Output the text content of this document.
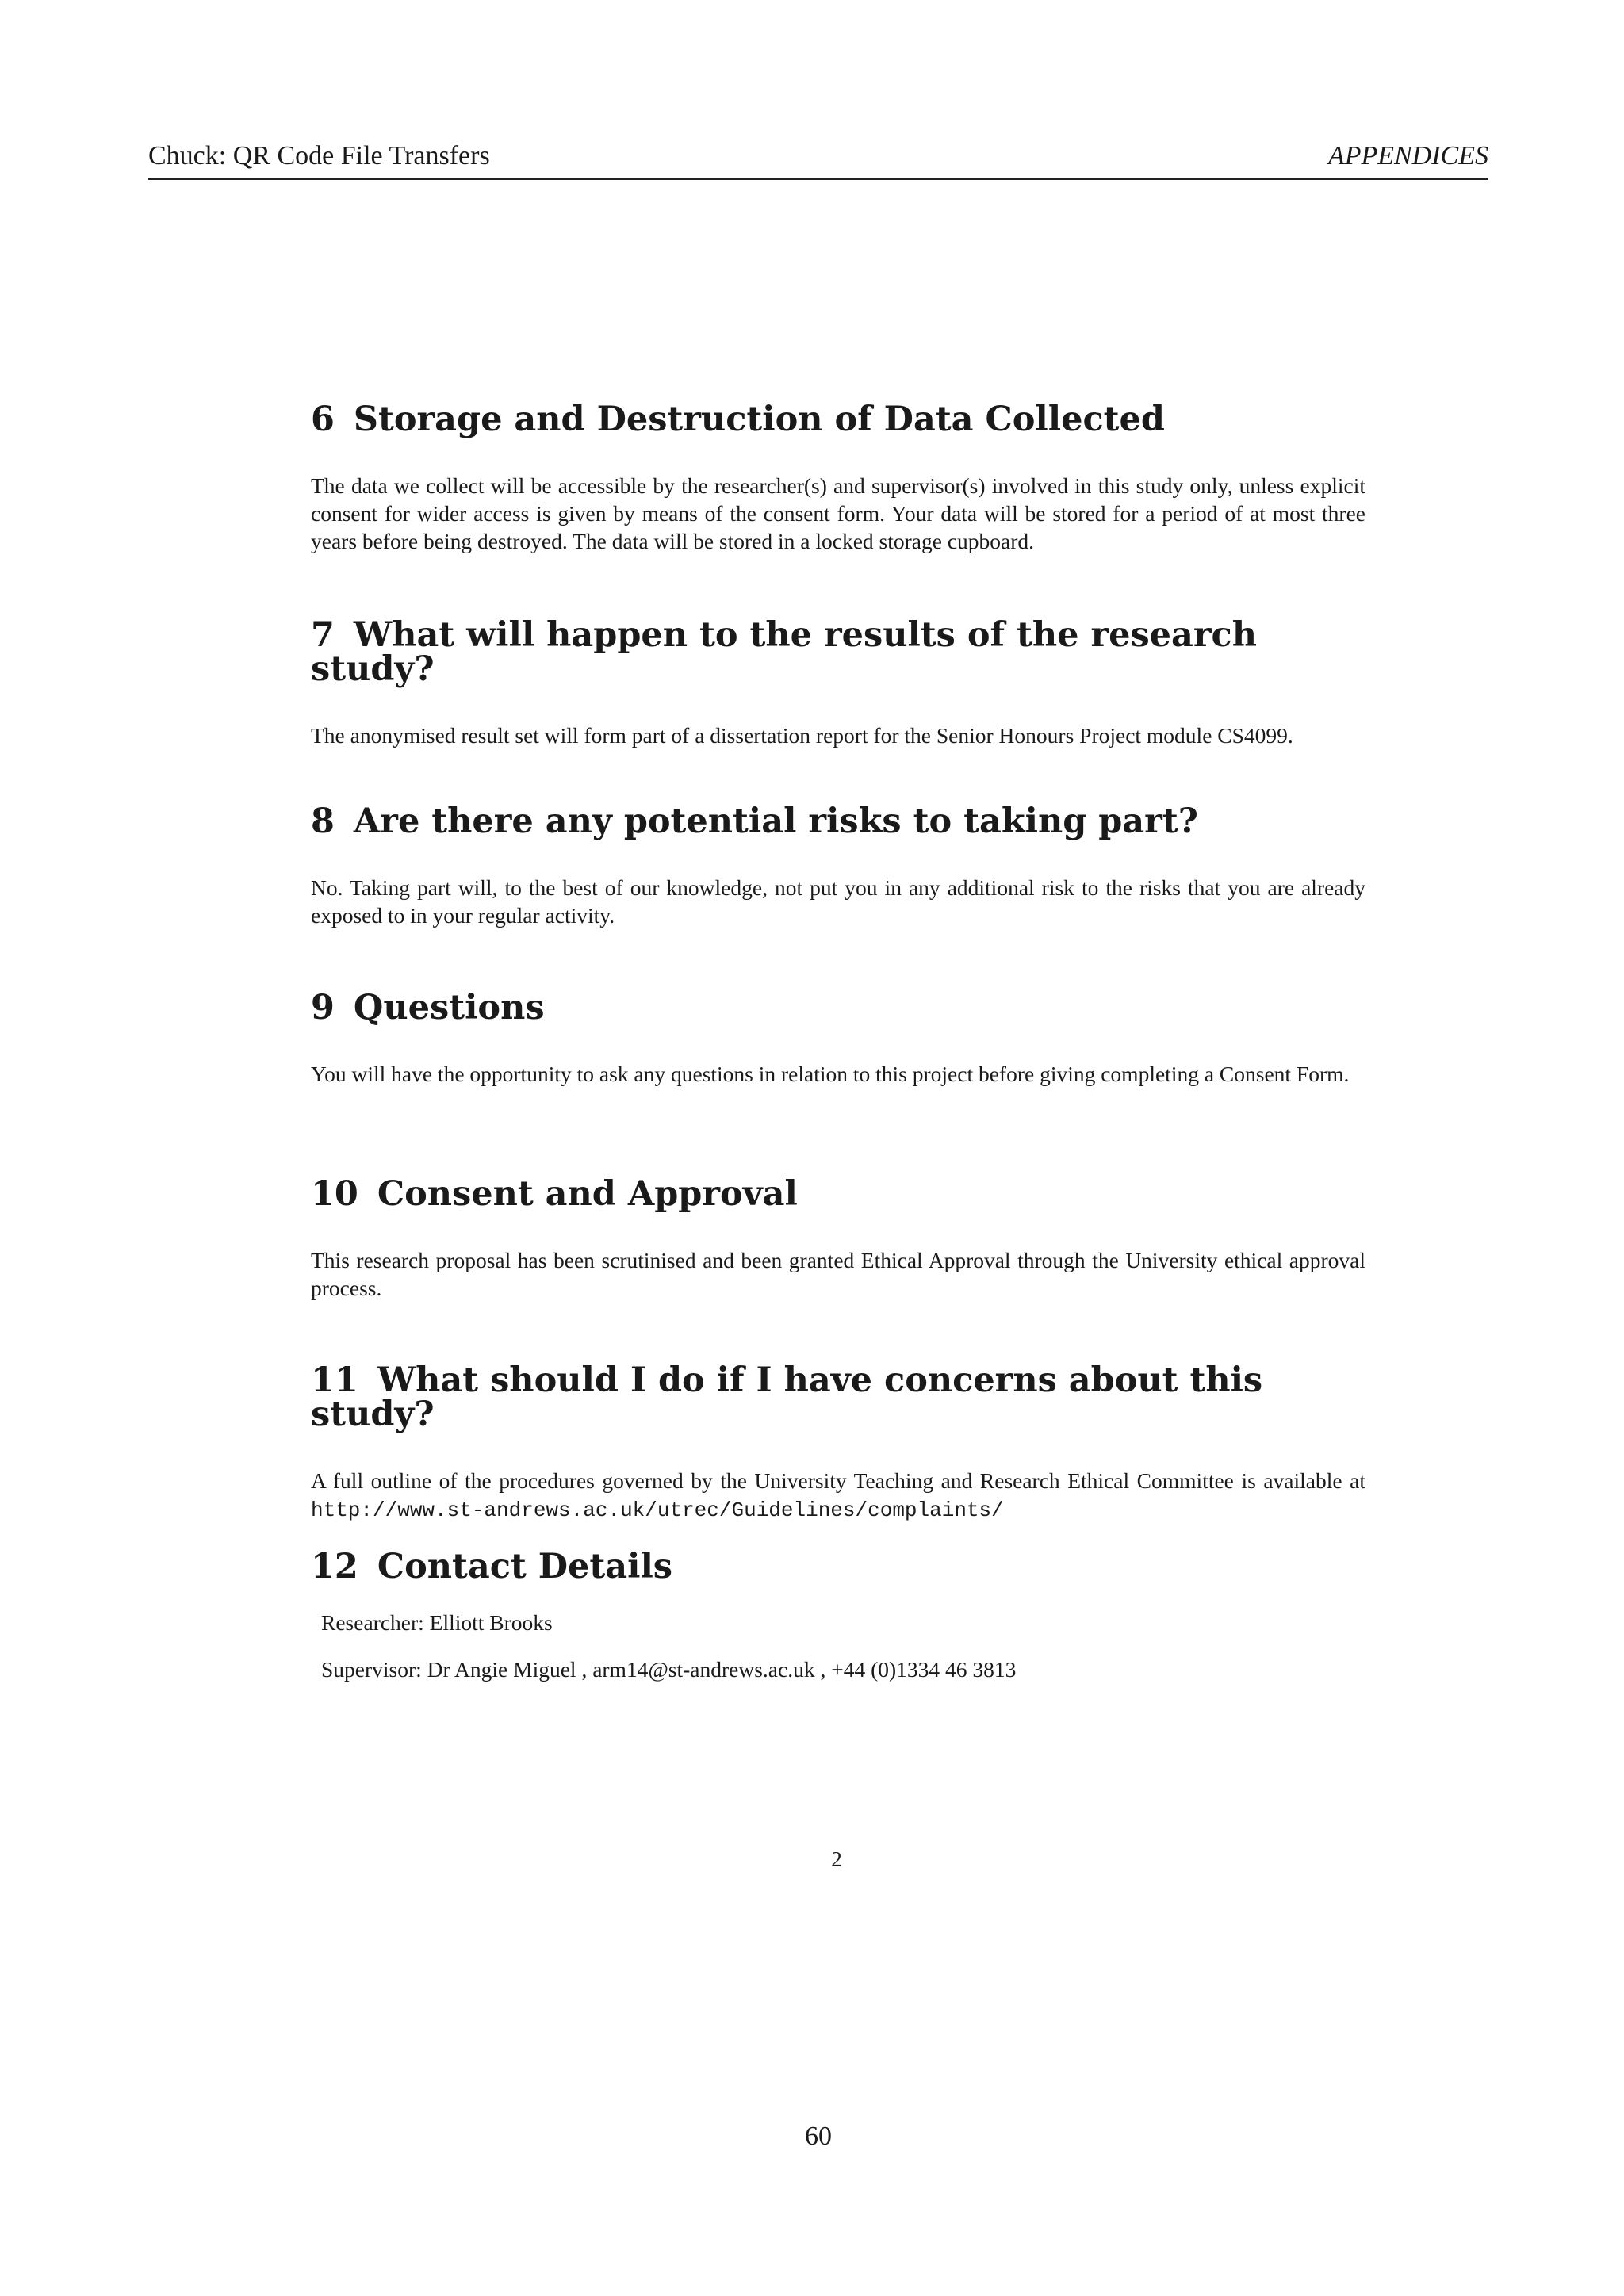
Chuck: QR Code File Transfers	APPENDICES
6 Storage and Destruction of Data Collected

The data we collect will be accessible by the researcher(s) and supervisor(s) involved in this study only, unless explicit consent for wider access is given by means of the consent form. Your data will be stored for a period of at most three years before being destroyed. The data will be stored in a locked storage cupboard.

7 What will happen to the results of the research study?

The anonymised result set will form part of a dissertation report for the Senior Honours Project module CS4099.

8 Are there any potential risks to taking part?

No. Taking part will, to the best of our knowledge, not put you in any additional risk to the risks that you are already exposed to in your regular activity.

9 Questions

You will have the opportunity to ask any questions in relation to this project before giving completing a Consent Form.

10 Consent and Approval

This research proposal has been scrutinised and been granted Ethical Approval through the University ethical approval process.

11 What should I do if I have concerns about this study?

A full outline of the procedures governed by the University Teaching and Research Ethical Committee is available at http://www.st-andrews.ac.uk/utrec/Guidelines/complaints/

12 Contact Details
Researcher: Elliott Brooks
Supervisor: Dr Angie Miguel , arm14@st-andrews.ac.uk , +44 (0)1334 46 3813
2
60
